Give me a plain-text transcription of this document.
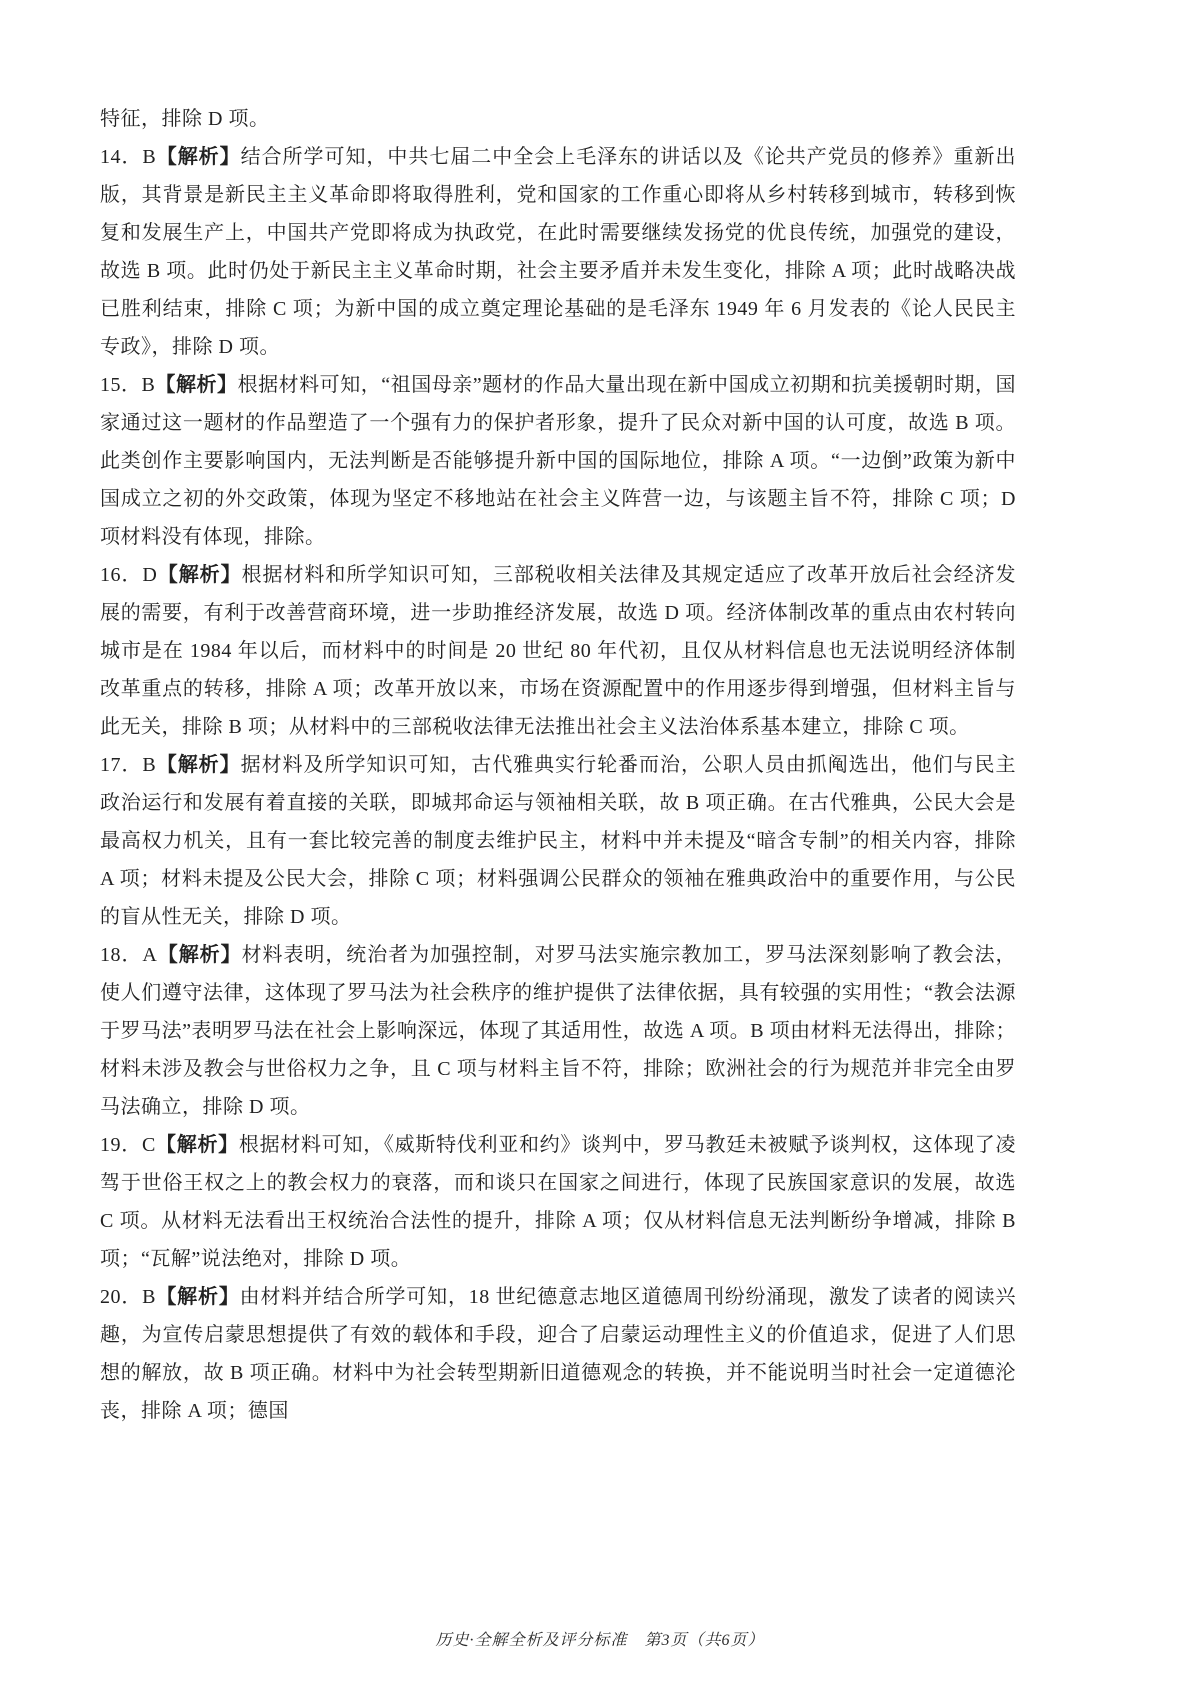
特征，排除 D 项。

14．B【解析】结合所学可知，中共七届二中全会上毛泽东的讲话以及《论共产党员的修养》重新出版，其背景是新民主主义革命即将取得胜利，党和国家的工作重心即将从乡村转移到城市，转移到恢复和发展生产上，中国共产党即将成为执政党，在此时需要继续发扬党的优良传统，加强党的建设，故选 B 项。此时仍处于新民主主义革命时期，社会主要矛盾并未发生变化，排除 A 项；此时战略决战已胜利结束，排除 C 项；为新中国的成立奠定理论基础的是毛泽东 1949 年 6 月发表的《论人民民主专政》，排除 D 项。

15．B【解析】根据材料可知，“祖国母亲”题材的作品大量出现在新中国成立初期和抗美援朝时期，国家通过这一题材的作品塑造了一个强有力的保护者形象，提升了民众对新中国的认可度，故选 B 项。此类创作主要影响国内，无法判断是否能够提升新中国的国际地位，排除 A 项。“一边倒”政策为新中国成立之初的外交政策，体现为坚定不移地站在社会主义阵营一边，与该题主旨不符，排除 C 项；D 项材料没有体现，排除。

16．D【解析】根据材料和所学知识可知，三部税收相关法律及其规定适应了改革开放后社会经济发展的需要，有利于改善营商环境，进一步助推经济发展，故选 D 项。经济体制改革的重点由农村转向城市是在 1984 年以后，而材料中的时间是 20 世纪 80 年代初，且仅从材料信息也无法说明经济体制改革重点的转移，排除 A 项；改革开放以来，市场在资源配置中的作用逐步得到增强，但材料主旨与此无关，排除 B 项；从材料中的三部税收法律无法推出社会主义法治体系基本建立，排除 C 项。

17．B【解析】据材料及所学知识可知，古代雅典实行轮番而治，公职人员由抓阄选出，他们与民主政治运行和发展有着直接的关联，即城邦命运与领袖相关联，故 B 项正确。在古代雅典，公民大会是最高权力机关，且有一套比较完善的制度去维护民主，材料中并未提及“暗含专制”的相关内容，排除 A 项；材料未提及公民大会，排除 C 项；材料强调公民群众的领袖在雅典政治中的重要作用，与公民的盲从性无关，排除 D 项。

18．A【解析】材料表明，统治者为加强控制，对罗马法实施宗教加工，罗马法深刻影响了教会法，使人们遵守法律，这体现了罗马法为社会秩序的维护提供了法律依据，具有较强的实用性；“教会法源于罗马法”表明罗马法在社会上影响深远，体现了其适用性，故选 A 项。B 项由材料无法得出，排除；材料未涉及教会与世俗权力之争，且 C 项与材料主旨不符，排除；欧洲社会的行为规范并非完全由罗马法确立，排除 D 项。

19．C【解析】根据材料可知，《威斯特伐利亚和约》谈判中，罗马教廷未被赋予谈判权，这体现了凌驾于世俗王权之上的教会权力的衰落，而和谈只在国家之间进行，体现了民族国家意识的发展，故选 C 项。从材料无法看出王权统治合法性的提升，排除 A 项；仅从材料信息无法判断纷争增减，排除 B 项；“瓦解”说法绝对，排除 D 项。

20．B【解析】由材料并结合所学可知，18 世纪德意志地区道德周刊纷纷涌现，激发了读者的阅读兴趣，为宣传启蒙思想提供了有效的载体和手段，迎合了启蒙运动理性主义的价值追求，促进了人们思想的解放，故 B 项正确。材料中为社会转型期新旧道德观念的转换，并不能说明当时社会一定道德沦丧，排除 A 项；德国

历史·全解全析及评分标准　第3页（共6页）
